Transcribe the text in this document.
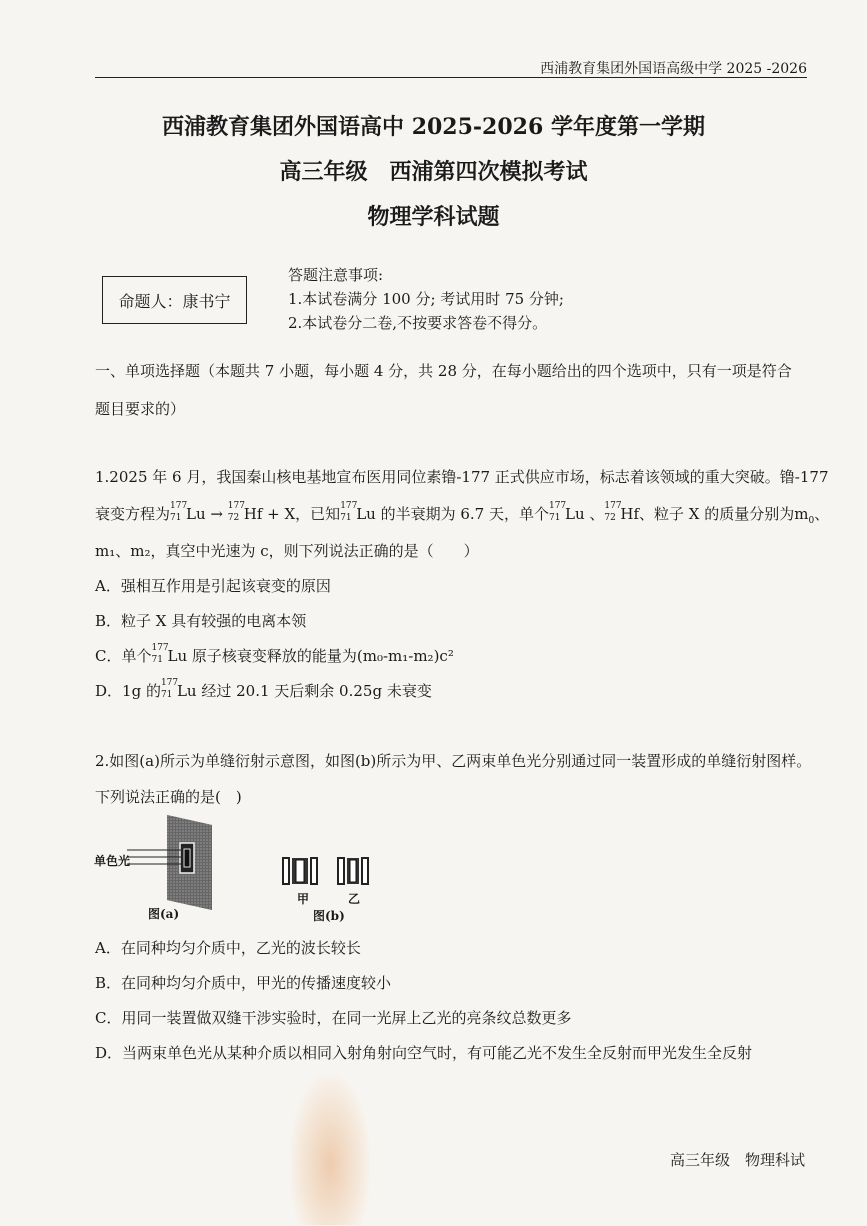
西浦教育集团外国语高级中学 2025 -2026
西浦教育集团外国语高中 2025-2026 学年度第一学期
高三年级　西浦第四次模拟考试
物理学科试题
命题人：康书宁
答题注意事项:
1.本试卷满分 100 分; 考试用时 75 分钟;
2.本试卷分二卷,不按要求答卷不得分。
一、单项选择题（本题共 7 小题，每小题 4 分，共 28 分，在每小题给出的四个选项中，只有一项是符合
题目要求的）
1.2025 年 6 月，我国秦山核电基地宣布医用同位素镥-177 正式供应市场，标志着该领域的重大突破。镥-177
衰变方程为 177
71 Lu → 177
72 Hf + X，已知 177
71 Lu 的半衰期为 6.7 天，单个 177
71 Lu 、 177
72 Hf、粒子 X 的质量分别为$m_0$、
m₁、m₂，真空中光速为 c，则下列说法正确的是（　　）
A．强相互作用是引起该衰变的原因
B．粒子 X 具有较强的电离本领
C．单个 177
71 Lu 原子核衰变释放的能量为(m₀-m₁-m₂)c²
D．1g 的 177
71 Lu 经过 20.1 天后剩余 0.25g 未衰变
2.如图(a)所示为单缝衍射示意图，如图(b)所示为甲、乙两束单色光分别通过同一装置形成的单缝衍射图样。
下列说法正确的是(　)
单色光
图(a)
甲	乙
图(b)
A．在同种均匀介质中，乙光的波长较长
B．在同种均匀介质中，甲光的传播速度较小
C．用同一装置做双缝干涉实验时，在同一光屏上乙光的亮条纹总数更多
D．当两束单色光从某种介质以相同入射角射向空气时，有可能乙光不发生全反射而甲光发生全反射
高三年级　物理科试
